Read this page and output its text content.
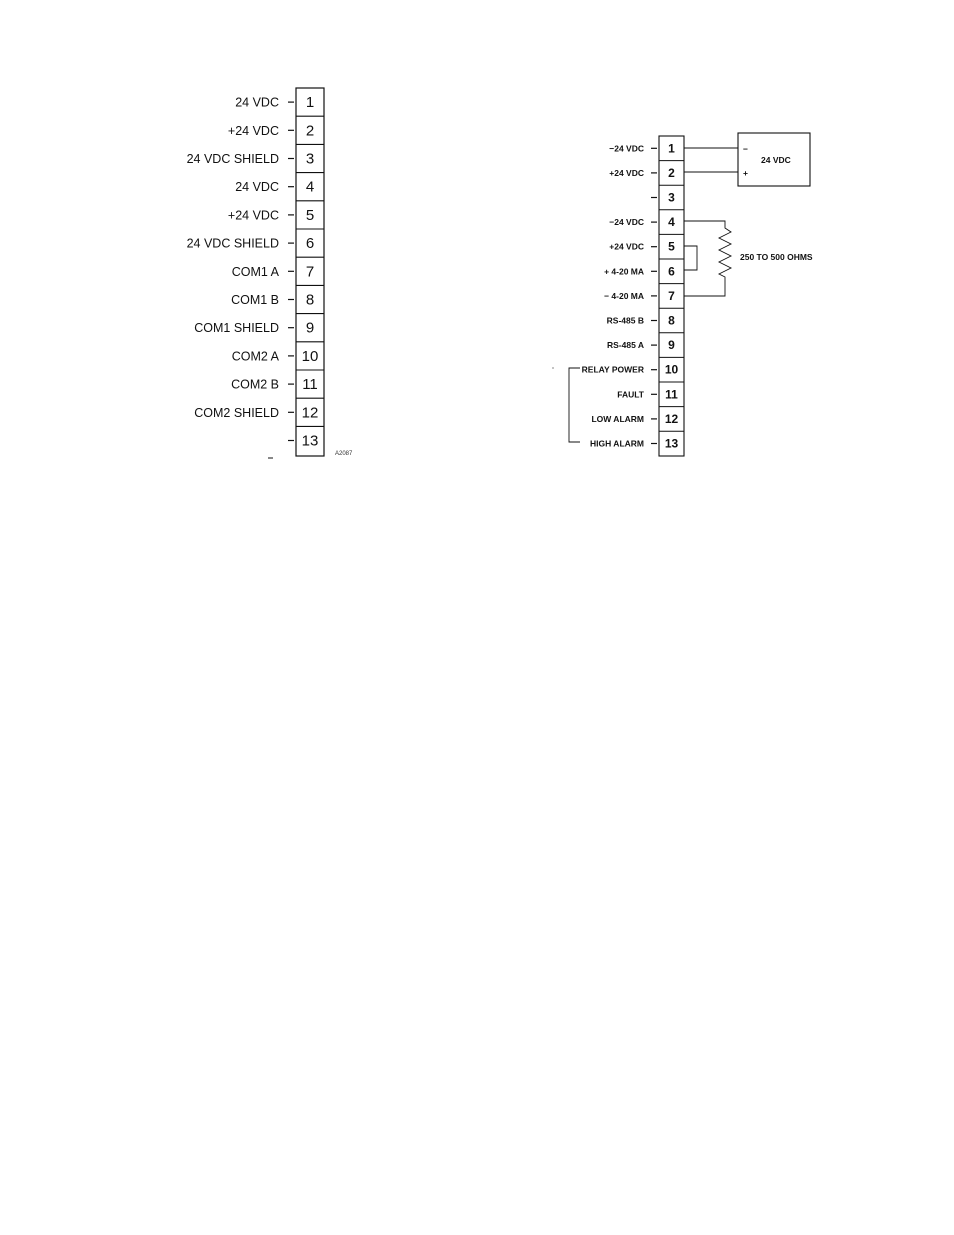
1
24 VDC
2
+24 VDC
3
24 VDC SHIELD
4
24 VDC
5
+24 VDC
6
24 VDC SHIELD
7
COM1 A
8
COM1 B
9
COM1 SHIELD
10
COM2 A
11
COM2 B
12
COM2 SHIELD
13
A2087
1
−24 VDC
2
+24 VDC
3
4
−24 VDC
5
+24 VDC
6
+ 4-20 MA
7
− 4-20 MA
8
RS-485 B
9
RS-485 A
10
RELAY POWER
11
FAULT
12
LOW ALARM
13
HIGH ALARM
24 VDC
−
+
250 TO 500 OHMS
